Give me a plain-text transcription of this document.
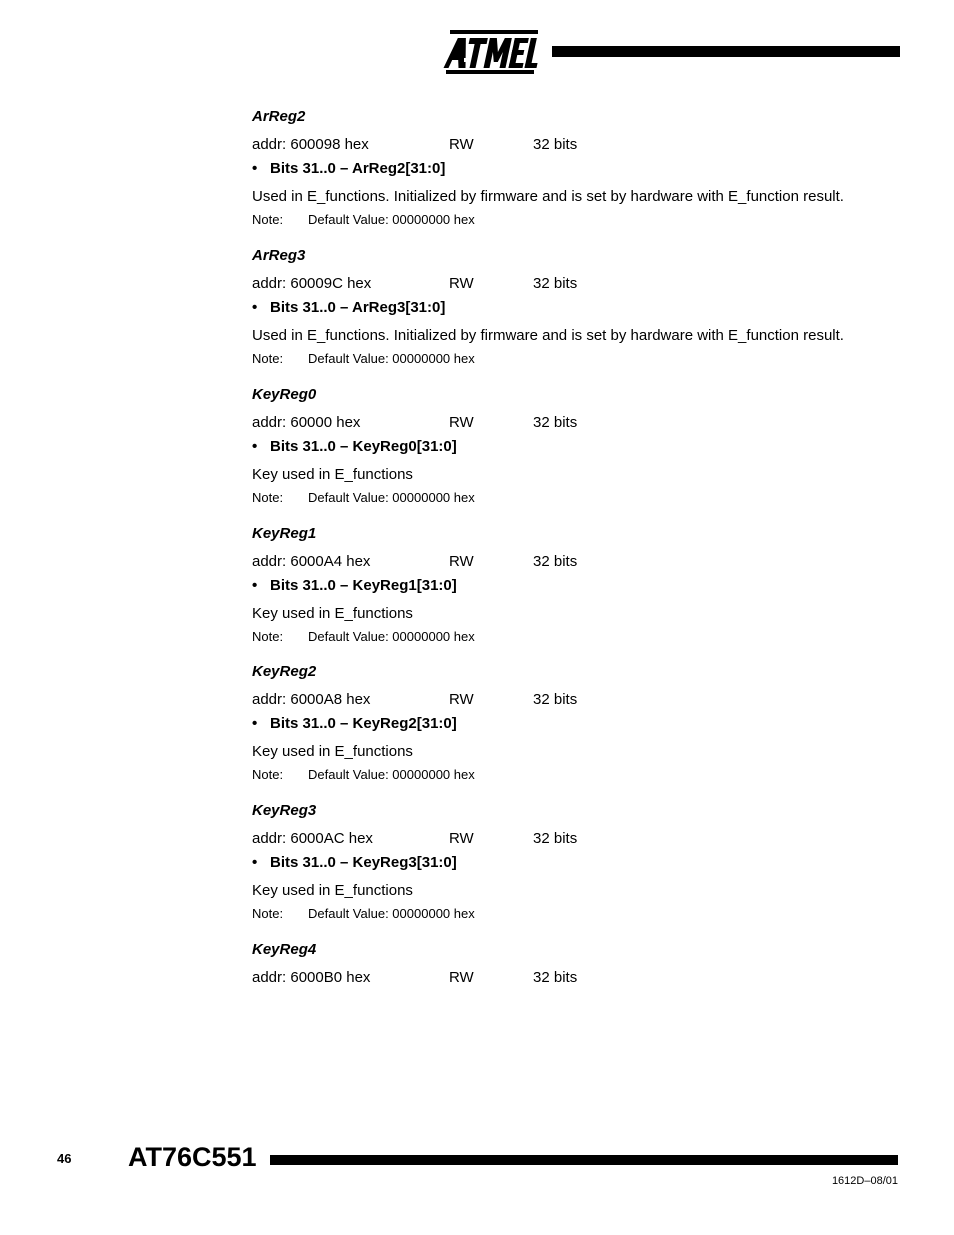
ArReg2
addr: 600098 hex	RW	32 bits
• Bits 31..0 – ArReg2[31:0]
Used in E_functions. Initialized by firmware and is set by hardware with E_function result.
Note: Default Value: 00000000 hex
ArReg3
addr: 60009C hex	RW	32 bits
• Bits 31..0 – ArReg3[31:0]
Used in E_functions. Initialized by firmware and is set by hardware with E_function result.
Note: Default Value: 00000000 hex
KeyReg0
addr: 60000 hex	RW	32 bits
• Bits 31..0 – KeyReg0[31:0]
Key used in E_functions
Note: Default Value: 00000000 hex
KeyReg1
addr: 6000A4 hex	RW	32 bits
• Bits 31..0 – KeyReg1[31:0]
Key used in E_functions
Note: Default Value: 00000000 hex
KeyReg2
addr: 6000A8 hex	RW	32 bits
• Bits 31..0 – KeyReg2[31:0]
Key used in E_functions
Note: Default Value: 00000000 hex
KeyReg3
addr: 6000AC hex	RW	32 bits
• Bits 31..0 – KeyReg3[31:0]
Key used in E_functions
Note: Default Value: 00000000 hex
KeyReg4
addr: 6000B0 hex	RW	32 bits
46 AT76C551
1612D–08/01
